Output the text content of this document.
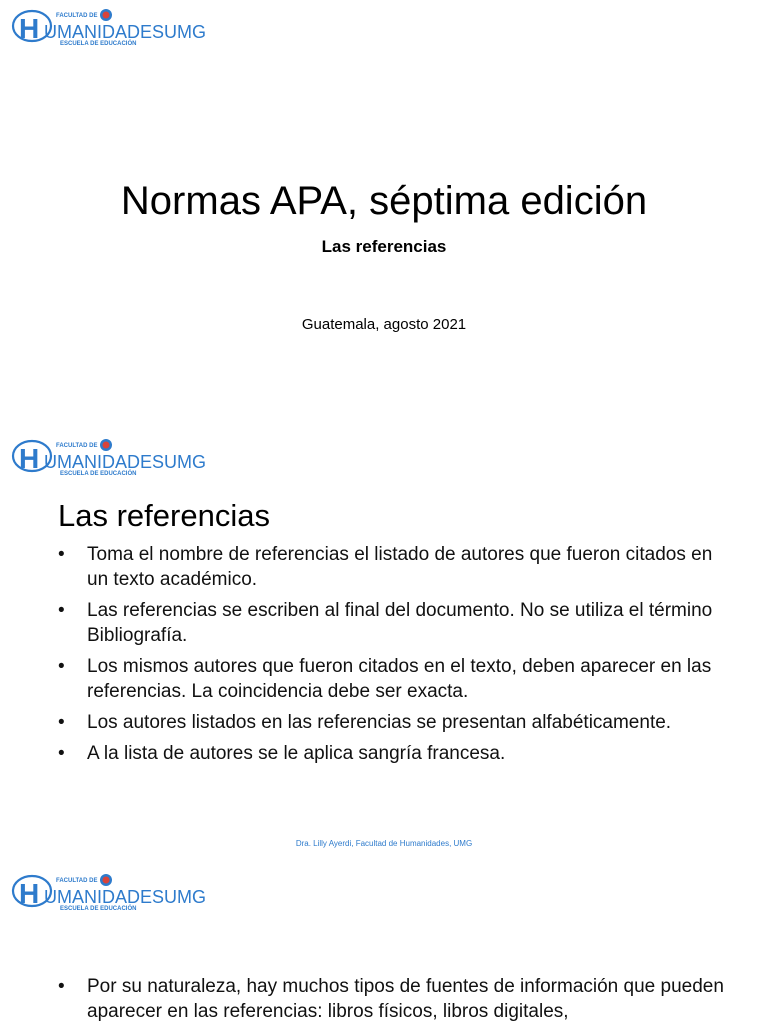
Normas APA, séptima edición
Las referencias
Guatemala, agosto 2021
Las referencias
• Toma el nombre de referencias el listado de autores que fueron citados en un texto académico.
• Las referencias se escriben al final del documento. No se utiliza el término Bibliografía.
• Los mismos autores que fueron citados en el texto, deben aparecer en las referencias. La coincidencia debe ser exacta.
• Los autores listados en las referencias se presentan alfabéticamente.
• A la lista de autores se le aplica sangría francesa.
Dra. Lilly Ayerdi, Facultad de Humanidades, UMG
• Por su naturaleza, hay muchos tipos de fuentes de información que pueden aparecer en las referencias: libros físicos, libros digitales,
